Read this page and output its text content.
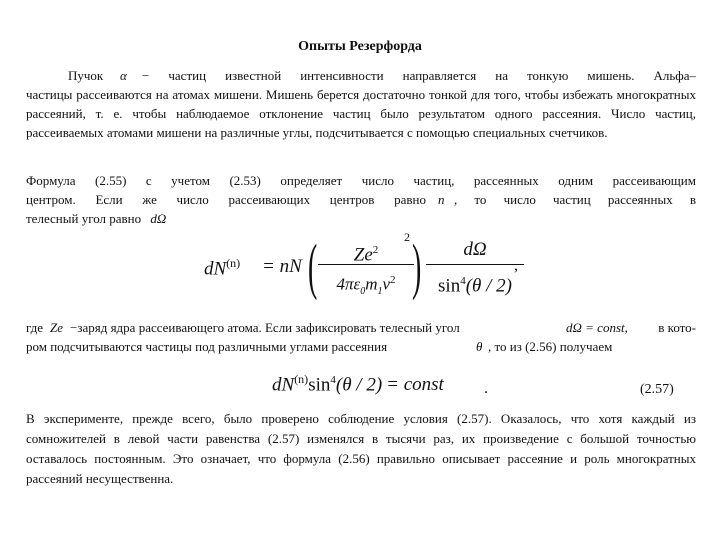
Опыты Резерфорда
Пучок α − частиц известной интенсивности направляется на тонкую мишень. Альфа–
частицы рассеиваются на атомах мишени. Мишень берется достаточно тонкой для того, чтобы избежать многократных рассеяний, т. е. чтобы наблюдаемое отклонение частиц было результатом одного рассеяния. Число частиц, рассеиваемых атомами мишени на различные углы, подсчитывается с помощью специальных счетчиков.
Формула (2.55) с учетом (2.53) определяет число частиц, рассеянных одним рассеивающим
центром. Если же число рассеивающих центров равно n , то число частиц рассеянных в
телесный угол равно dΩ
$dN^{(n)}$ = nN (	Ze$^2$
$4\pi\varepsilon_0m_1v^2$ )
2
dΩ
$\sin^4(\theta / 2)$
,
где Ze −заряд ядра рассеивающего атома. Если зафиксировать телесный угол	dΩ = const, в кото-
ром подсчитываются частицы под различными углами рассеяния	θ , то из (2.56) получаем
$dN^{(n)}\sin^4(\theta / 2)$ = const	.	(2.57)
В эксперименте, прежде всего, было проверено соблюдение условия (2.57). Оказалось, что хотя каждый из сомножителей в левой части равенства (2.57) изменялся в тысячи раз, их произведение с большой точностью оставалось постоянным. Это означает, что формула (2.56) правильно описывает рассеяние и роль многократных рассеяний несущественна.
